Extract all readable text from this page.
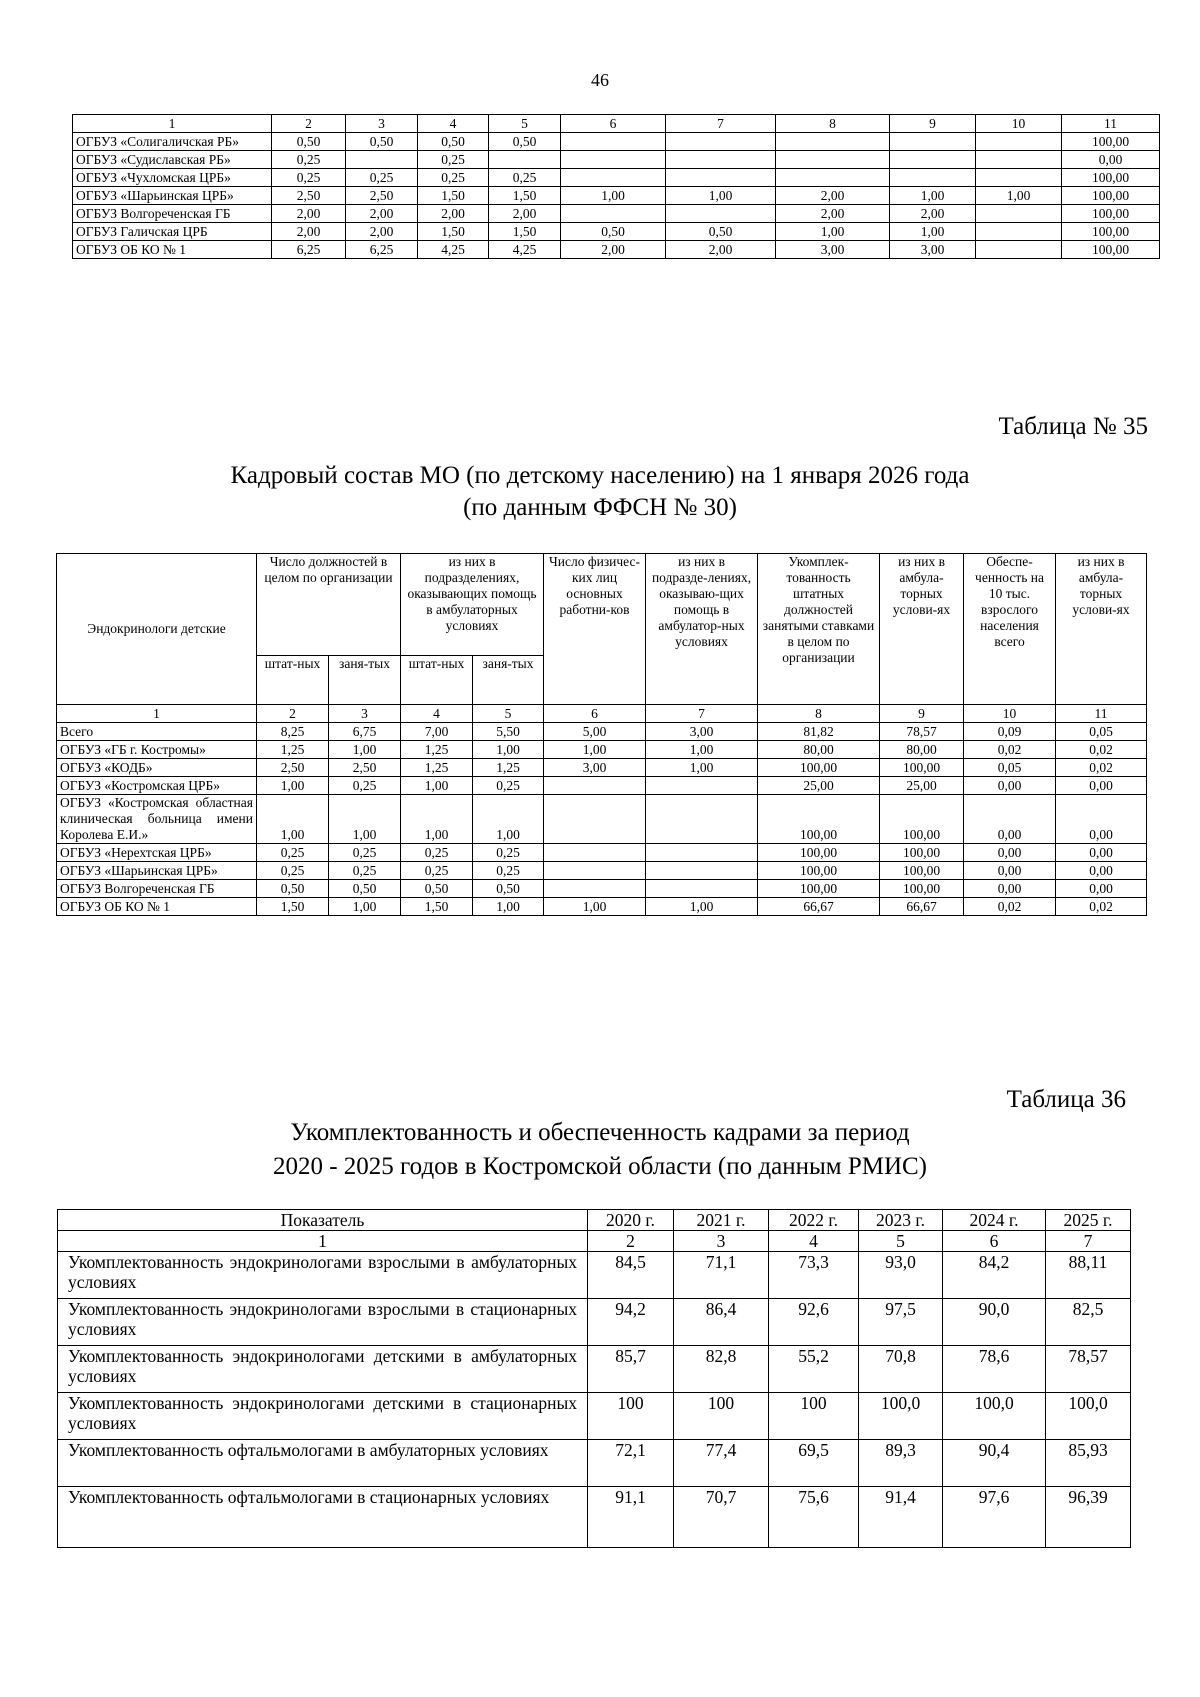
46
1	2	3	4	5	6	7	8	9	10	11
ОГБУЗ «Солигаличская РБ»	0,50	0,50	0,50	0,50						100,00
ОГБУЗ «Судиславская РБ»	0,25		0,25							0,00
ОГБУЗ «Чухломская ЦРБ»	0,25	0,25	0,25	0,25						100,00
ОГБУЗ «Шарьинская ЦРБ»	2,50	2,50	1,50	1,50	1,00	1,00	2,00	1,00	1,00	100,00
ОГБУЗ Волгореченская ГБ	2,00	2,00	2,00	2,00			2,00	2,00		100,00
ОГБУЗ Галичская ЦРБ	2,00	2,00	1,50	1,50	0,50	0,50	1,00	1,00		100,00
ОГБУЗ ОБ КО № 1	6,25	6,25	4,25	4,25	2,00	2,00	3,00	3,00		100,00
Таблица № 35
Кадровый состав МО (по детскому населению) на 1 января 2026 года
(по данным ФФСН № 30)
Эндокринологи детские	Число должностей в целом по организации		из них в подразделениях, оказывающих помощь в амбулаторных условиях		Число физичес-ких лиц основных работни-ков	из них в подразде-лениях, оказываю-щих помощь в амбулатор-ных условиях	Укомплек-тованность штатных должностей занятыми ставками в целом по организации	из них в амбула-торных услови-ях	Обеспе-ченность на 10 тыс. взрослого населения всего	из них в амбула-торных услови-ях
	штат-ных	заня-тых	штат-ных	заня-тых						
1	2	3	4	5	6	7	8	9	10	11
Всего	8,25	6,75	7,00	5,50	5,00	3,00	81,82	78,57	0,09	0,05
ОГБУЗ «ГБ г. Костромы»	1,25	1,00	1,25	1,00	1,00	1,00	80,00	80,00	0,02	0,02
ОГБУЗ «КОДБ»	2,50	2,50	1,25	1,25	3,00	1,00	100,00	100,00	0,05	0,02
ОГБУЗ «Костромская ЦРБ»	1,00	0,25	1,00	0,25			25,00	25,00	0,00	0,00
ОГБУЗ «Костромская областная клиническая больница имени Королева Е.И.»	1,00	1,00	1,00	1,00			100,00	100,00	0,00	0,00
ОГБУЗ «Нерехтская ЦРБ»	0,25	0,25	0,25	0,25			100,00	100,00	0,00	0,00
ОГБУЗ «Шарьинская ЦРБ»	0,25	0,25	0,25	0,25			100,00	100,00	0,00	0,00
ОГБУЗ Волгореченская ГБ	0,50	0,50	0,50	0,50			100,00	100,00	0,00	0,00
ОГБУЗ ОБ КО № 1	1,50	1,00	1,50	1,00	1,00	1,00	66,67	66,67	0,02	0,02
Таблица 36
Укомплектованность и обеспеченность кадрами за период
2020 - 2025 годов в Костромской области (по данным РМИС)
Показатель	2020 г.	2021 г.	2022 г.	2023 г.	2024 г.	2025 г.
1	2	3	4	5	6	7
Укомплектованность эндокринологами взрослыми в амбулаторных условиях	84,5	71,1	73,3	93,0	84,2	88,11
Укомплектованность эндокринологами взрослыми в стационарных условиях	94,2	86,4	92,6	97,5	90,0	82,5
Укомплектованность эндокринологами детскими в амбулаторных условиях	85,7	82,8	55,2	70,8	78,6	78,57
Укомплектованность эндокринологами детскими в стационарных условиях	100	100	100	100,0	100,0	100,0
Укомплектованность офтальмологами в амбулаторных условиях	72,1	77,4	69,5	89,3	90,4	85,93
Укомплектованность офтальмологами в стационарных условиях	91,1	70,7	75,6	91,4	97,6	96,39
